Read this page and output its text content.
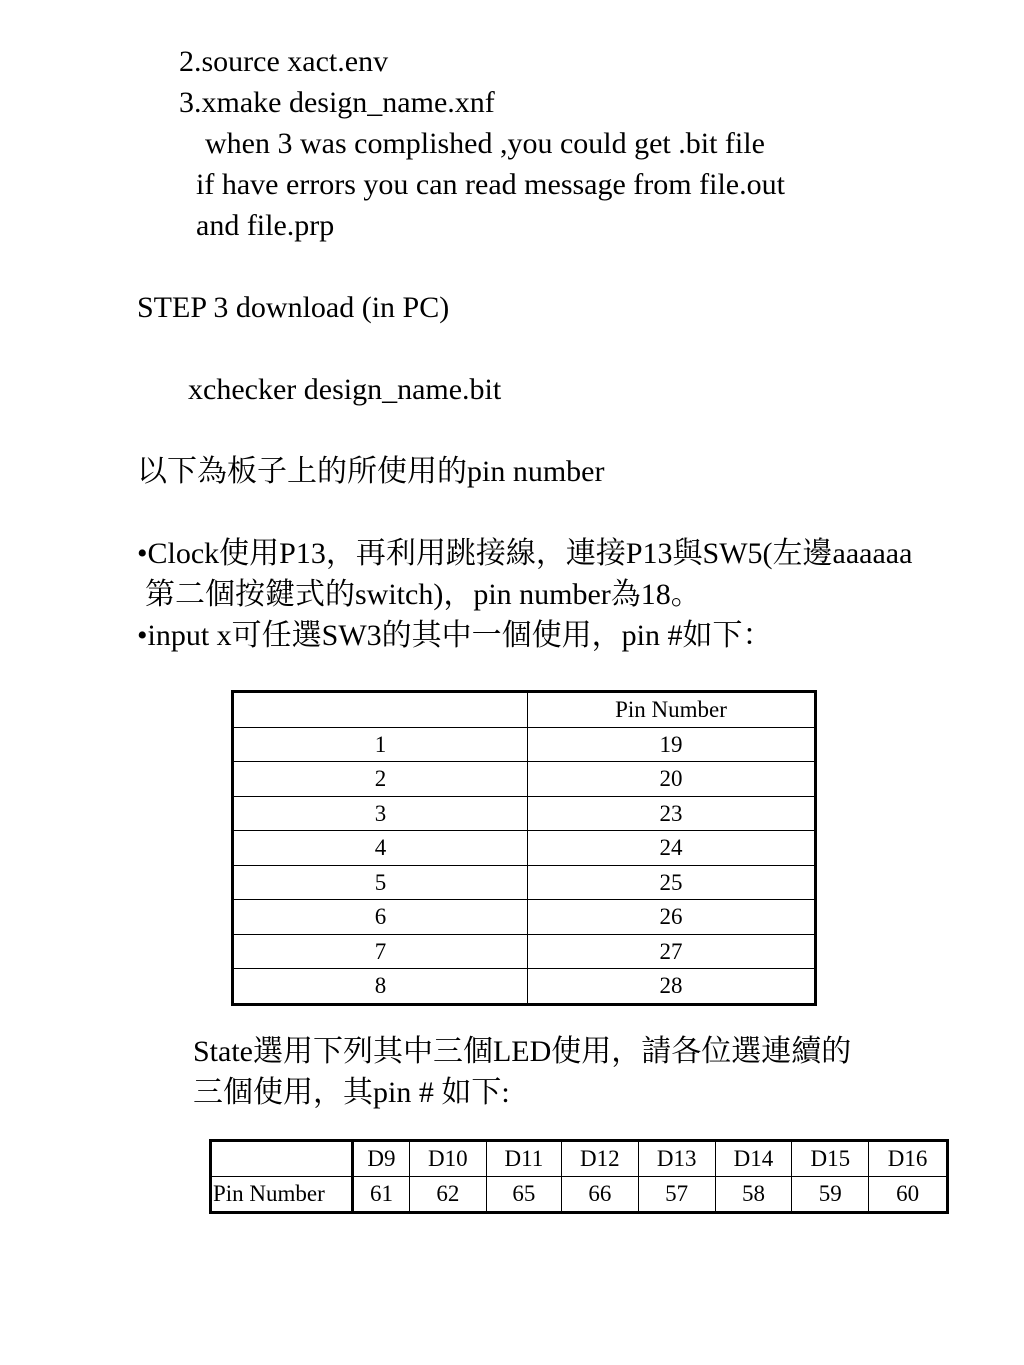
2.source xact.env
3.xmake design_name.xnf
when 3 was complished ,you could get .bit file
if have errors you can read message from file.out
and file.prp
STEP 3 download (in PC)
xchecker design_name.bit
以下為板子上的所使用的pin number
•Clock使用P13，再利用跳接線，連接P13與SW5(左邊aaaaaa
第二個按鍵式的switch)，pin number為18。
•input x可任選SW3的其中一個使用，pin #如下：
	Pin Number
1	19
2	20
3	23
4	24
5	25
6	26
7	27
8	28
State選用下列其中三個LED使用，請各位選連續的
三個使用，其pin # 如下:
	D9	D10	D11	D12	D13	D14	D15	D16
Pin Number	61	62	65	66	57	58	59	60
